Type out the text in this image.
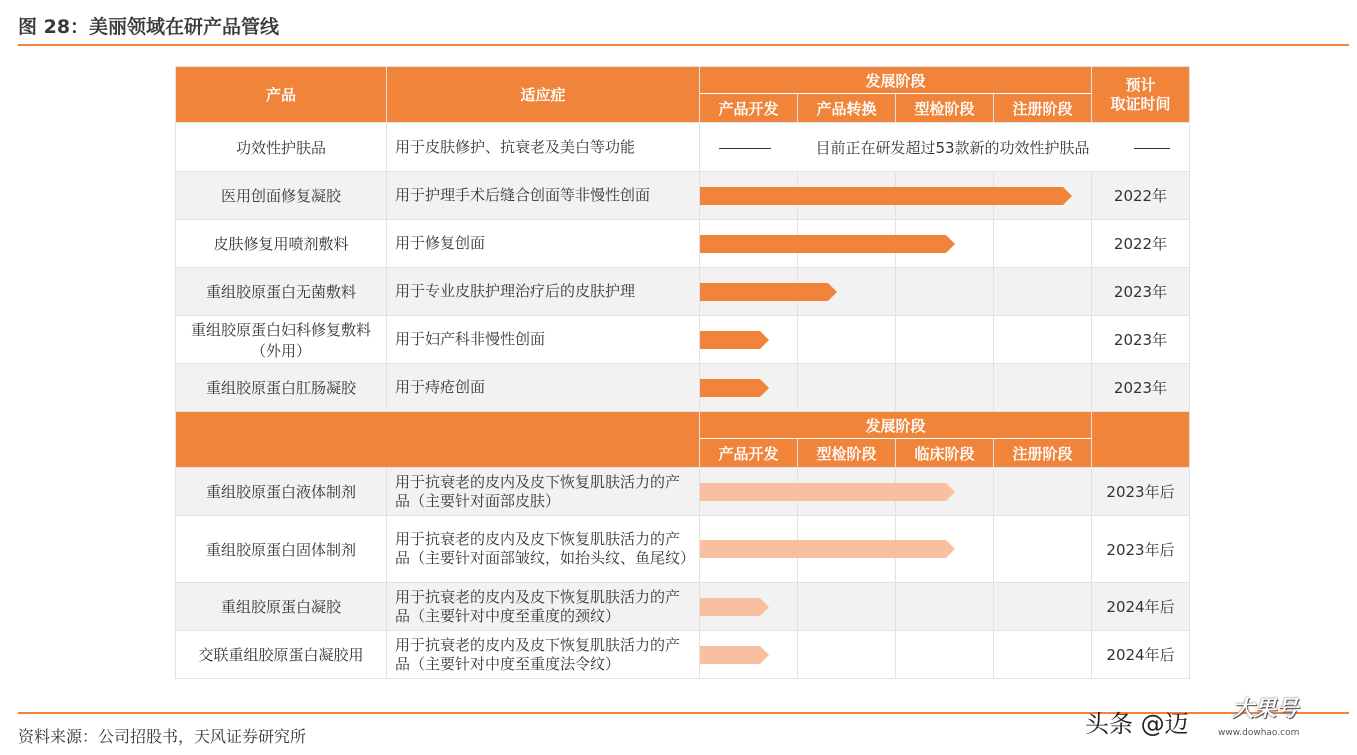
图 28：美丽领域在研产品管线
产品	适应症	发展阶段				预计
取证时间
		产品开发	产品转换	型检阶段	注册阶段	
功效性护肤品	用于皮肤修护、抗衰老及美白等功能	目前正在研发超过53款新的功效性护肤品				
医用创面修复凝胶	用于护理手术后缝合创面等非慢性创面					2022年
皮肤修复用喷剂敷料	用于修复创面					2022年
重组胶原蛋白无菌敷料	用于专业皮肤护理治疗后的皮肤护理					2023年
重组胶原蛋白妇科修复敷料（外用）	用于妇产科非慢性创面					2023年
重组胶原蛋白肛肠凝胶	用于痔疮创面					2023年
		发展阶段				
		产品开发	型检阶段	临床阶段	注册阶段	
重组胶原蛋白液体制剂	用于抗衰老的皮内及皮下恢复肌肤活力的产品（主要针对面部皮肤）					2023年后
重组胶原蛋白固体制剂	用于抗衰老的皮内及皮下恢复肌肤活力的产品（主要针对面部皱纹，如抬头纹、鱼尾纹）					2023年后
重组胶原蛋白凝胶	用于抗衰老的皮内及皮下恢复肌肤活力的产品（主要针对中度至重度的颈纹）					2024年后
交联重组胶原蛋白凝胶用	用于抗衰老的皮内及皮下恢复肌肤活力的产品（主要针对中度至重度法令纹）					2024年后
资料来源：公司招股书，天风证券研究所	头条 @迈
大果号
www.dowhao.com
